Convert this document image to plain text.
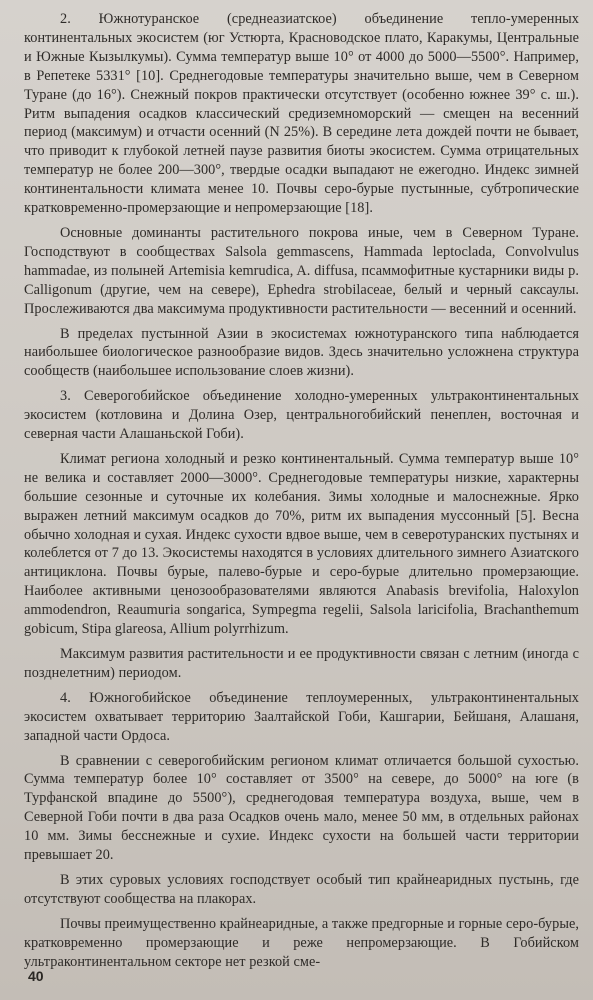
2. Южнотуранское (среднеазиатское) объединение тепло-умеренных континентальных экосистем (юг Устюрта, Красноводское плато, Каракумы, Центральные и Южные Кызылкумы). Сумма температур выше 10° от 4000 до 5000—5500°. Например, в Репетеке 5331° [10]. Среднегодовые температуры значительно выше, чем в Северном Туране (до 16°). Снежный покров практически отсутствует (особенно южнее 39° с. ш.). Ритм выпадения осадков классический средиземноморский — смещен на весенний период (максимум) и отчасти осенний (N 25%). В середине лета дождей почти не бывает, что приводит к глубокой летней паузе развития биоты экосистем. Сумма отрицательных температур не более 200—300°, твердые осадки выпадают не ежегодно. Индекс зимней континентальности климата менее 10. Почвы серо-бурые пустынные, субтропические кратковременно-промерзающие и непромерзающие [18].

Основные доминанты растительного покрова иные, чем в Северном Туране. Господствуют в сообществах Salsola gemmascens, Hammada leptoclada, Convolvulus hammadae, из полыней Artemisia kemrudica, A. diffusa, псаммофитные кустарники виды р. Calligonum (другие, чем на севере), Ephedra strobilaceae, белый и черный саксаулы. Прослеживаются два максимума продуктивности растительности — весенний и осенний.

В пределах пустынной Азии в экосистемах южнотуранского типа наблюдается наибольшее биологическое разнообразие видов. Здесь значительно усложнена структура сообществ (наибольшее использование слоев жизни).

3. Северогобийское объединение холодно-умеренных ультраконтинентальных экосистем (котловина и Долина Озер, центральногобийский пенеплен, восточная и северная части Алашаньской Гоби).

Климат региона холодный и резко континентальный. Сумма температур выше 10° не велика и составляет 2000—3000°. Среднегодовые температуры низкие, характерны большие сезонные и суточные их колебания. Зимы холодные и малоснежные. Ярко выражен летний максимум осадков до 70%, ритм их выпадения муссонный [5]. Весна обычно холодная и сухая. Индекс сухости вдвое выше, чем в северотуранских пустынях и колеблется от 7 до 13. Экосистемы находятся в условиях длительного зимнего Азиатского антициклона. Почвы бурые, палево-бурые и серо-бурые длительно промерзающие. Наиболее активными ценозообразователями являются Anabasis brevifolia, Haloxylon ammodendron, Reaumuria songarica, Sympegma regelii, Salsola laricifolia, Brachanthemum gobicum, Stipa glareosa, Allium polyrrhizum.

Максимум развития растительности и ее продуктивности связан с летним (иногда с позднелетним) периодом.

4. Южногобийское объединение теплоумеренных, ультраконтинентальных экосистем охватывает территорию Заалтайской Гоби, Кашгарии, Бейшаня, Алашаня, западной части Ордоса.

В сравнении с северогобийским регионом климат отличается большой сухостью. Сумма температур более 10° составляет от 3500° на севере, до 5000° на юге (в Турфанской впадине до 5500°), среднегодовая температура воздуха, выше, чем в Северной Гоби почти в два раза Осадков очень мало, менее 50 мм, в отдельных районах 10 мм. Зимы бесснежные и сухие. Индекс сухости на большей части территории превышает 20.

В этих суровых условиях господствует особый тип крайнеаридных пустынь, где отсутствуют сообщества на плакорах.

Почвы преимущественно крайнеаридные, а также предгорные и горные серо-бурые, кратковременно промерзающие и реже непромерзающие. В Гобийском ультраконтинентальном секторе нет резкой сме-

40
